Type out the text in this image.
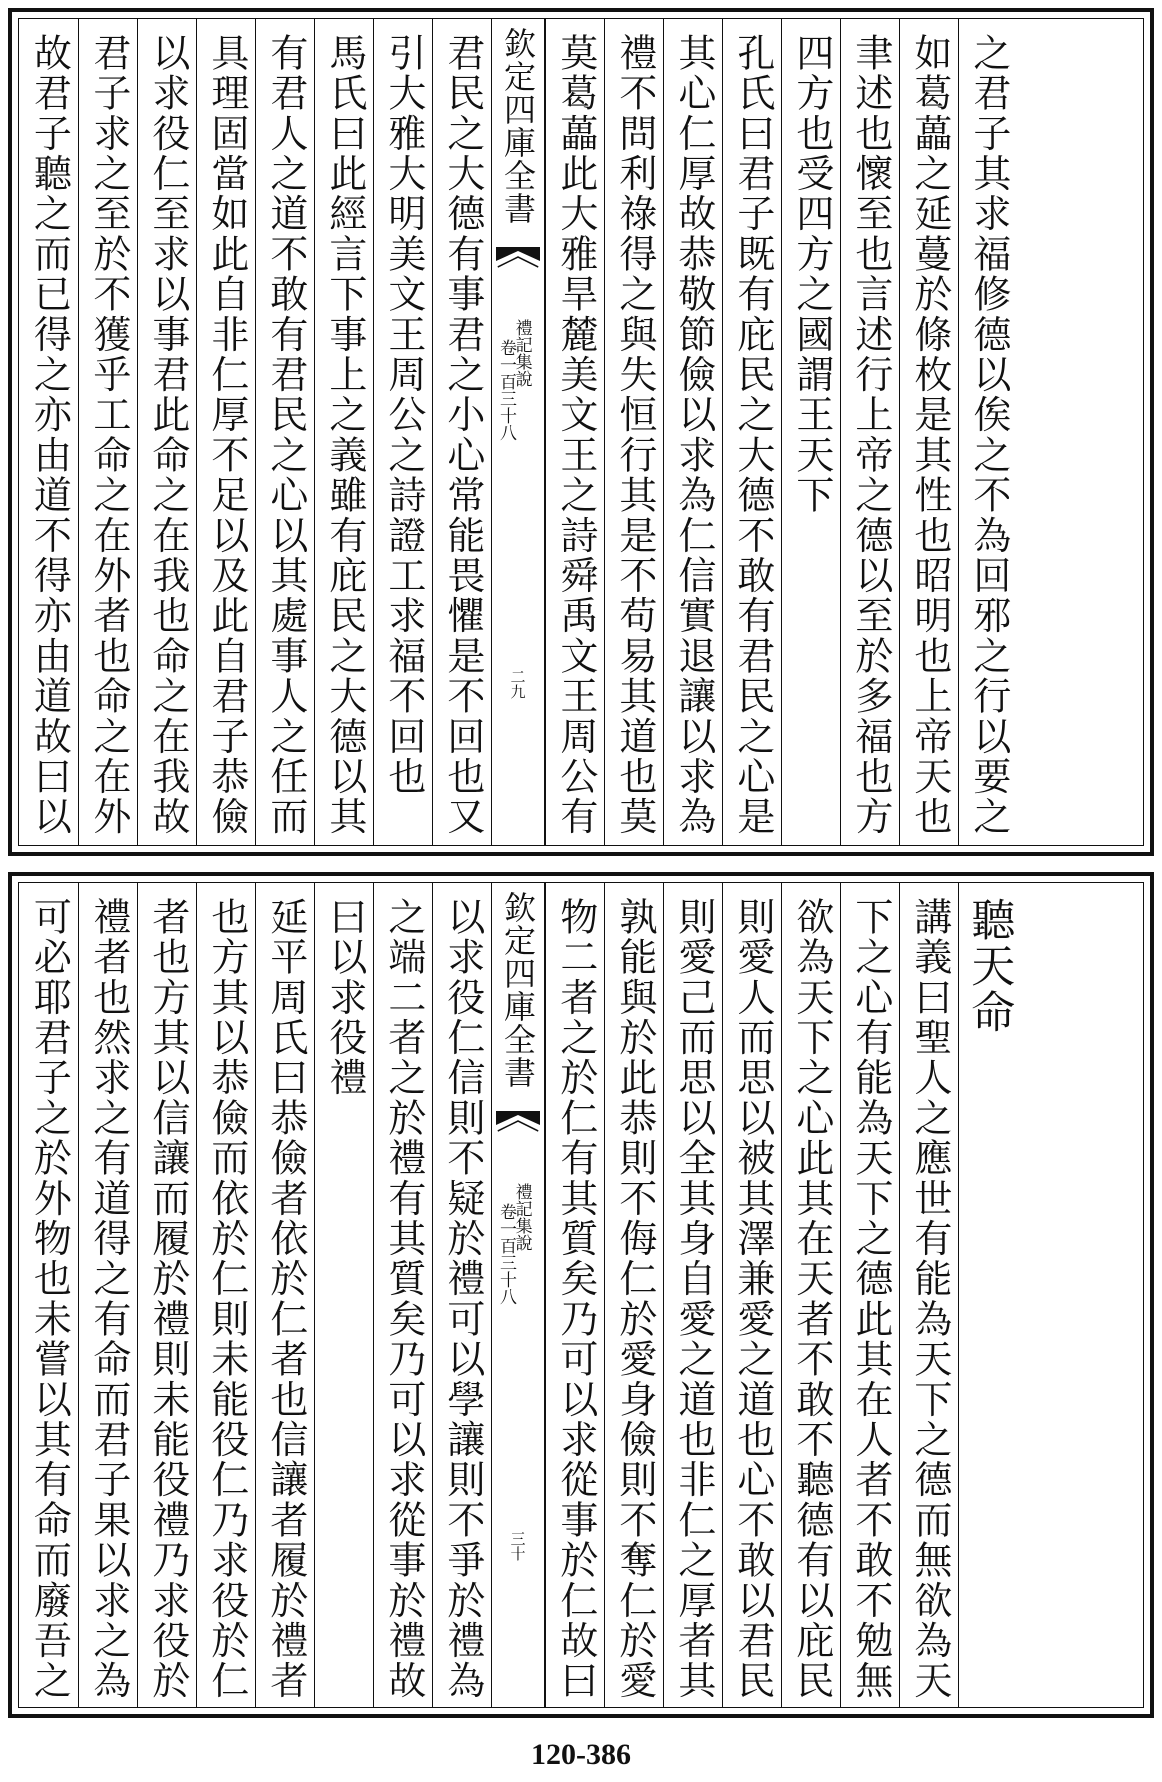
故君子聽之而已得之亦由道不得亦由道故曰以 君子求之至於不獲乎工命之在外者也命之在外 以求役仁至求以事君此命之在我也命之在我故 具理固當如此自非仁厚不足以及此自君子恭儉 有君人之道不敢有君民之心以其處事人之任而 馬氏曰此經言下事上之義雖有庇民之大德以其 引大雅大明美文王周公之詩證工求福不回也 君民之大德有事君之小心常能畏懼是不回也又 欽定四庫全書
禮記集說
卷一百三十八
二九 莫葛藟此大雅旱麓美文王之詩舜禹文王周公有 禮不問利祿得之與失恒行其是不苟易其道也莫 其心仁厚故恭敬節儉以求為仁信實退讓以求為 孔氏曰君子既有庇民之大德不敢有君民之心是 四方也受四方之國謂王天下 聿述也懷至也言述行上帝之德以至於多福也方 如葛藟之延蔓於條枚是其性也昭明也上帝天也 之君子其求福修德以俟之不為回邪之行以要之
可必耶君子之於外物也未嘗以其有命而廢吾之 禮者也然求之有道得之有命而君子果以求之為 者也方其以信讓而履於禮則未能役禮乃求役於 也方其以恭儉而依於仁則未能役仁乃求役於仁 延平周氏曰恭儉者依於仁者也信讓者履於禮者 曰以求役禮 之端二者之於禮有其質矣乃可以求從事於禮故 以求役仁信則不疑於禮可以學讓則不爭於禮為 欽定四庫全書
禮記集說
卷一百三十八
三十 物二者之於仁有其質矣乃可以求從事於仁故曰 孰能與於此恭則不侮仁於愛身儉則不奪仁於愛 則愛己而思以全其身自愛之道也非仁之厚者其 則愛人而思以被其澤兼愛之道也心不敢以君民 欲為天下之心此其在天者不敢不聽德有以庇民 下之心有能為天下之德此其在人者不敢不勉無 講義曰聖人之應世有能為天下之德而無欲為天 聽天命
120-386
